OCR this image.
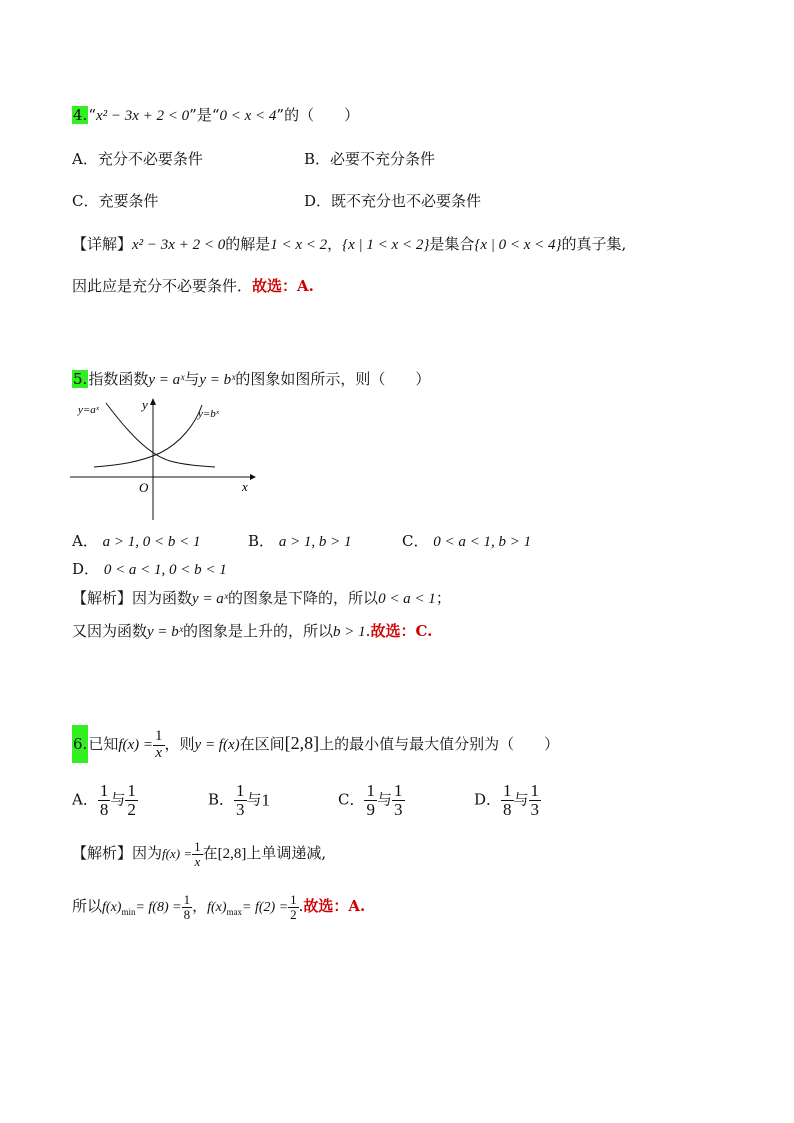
4.“x² − 3x + 2 < 0”是“0 < x < 4”的（　　）
A．充分不必要条件	B．必要不充分条件
C．充要条件	D．既不充分也不必要条件
【详解】x² − 3x + 2 < 0的解是1 < x < 2，{x | 1 < x < 2}是集合{x | 0 < x < 4}的真子集,
因此应是充分不必要条件．故选：A.
5.指数函数y = aˣ与y = bˣ的图象如图所示，则（　　）
y=aˣ	y=bˣ
y
x
O
A． a > 1, 0 < b < 1	B． a > 1, b > 1	C． 0 < a < 1, b > 1
D． 0 < a < 1, 0 < b < 1
【解析】因为函数y = aˣ的图象是下降的，所以0 < a < 1；
又因为函数y = bˣ的图象是上升的，所以b > 1.故选：C.
6.已知$f(x) = \frac{1}{x}$ ，则y = f(x)在区间[2,8]上的最小值与最大值分别为（　　）
A． $\frac{1}{8}$ 与 $\frac{1}{2}$	B． $\frac{1}{3}$ 与1	C． $\frac{1}{9}$ 与 $\frac{1}{3}$	D． $\frac{1}{8}$ 与 $\frac{1}{3}$
【解析】因为$f(x) = \frac{1}{x}$ 在[2,8]上单调递减,
所以$f(x)_{min}= f(8) = \frac{1}{8}$ ，$f(x)_{max}= f(2) = \frac{1}{2}$ .故选：A.
